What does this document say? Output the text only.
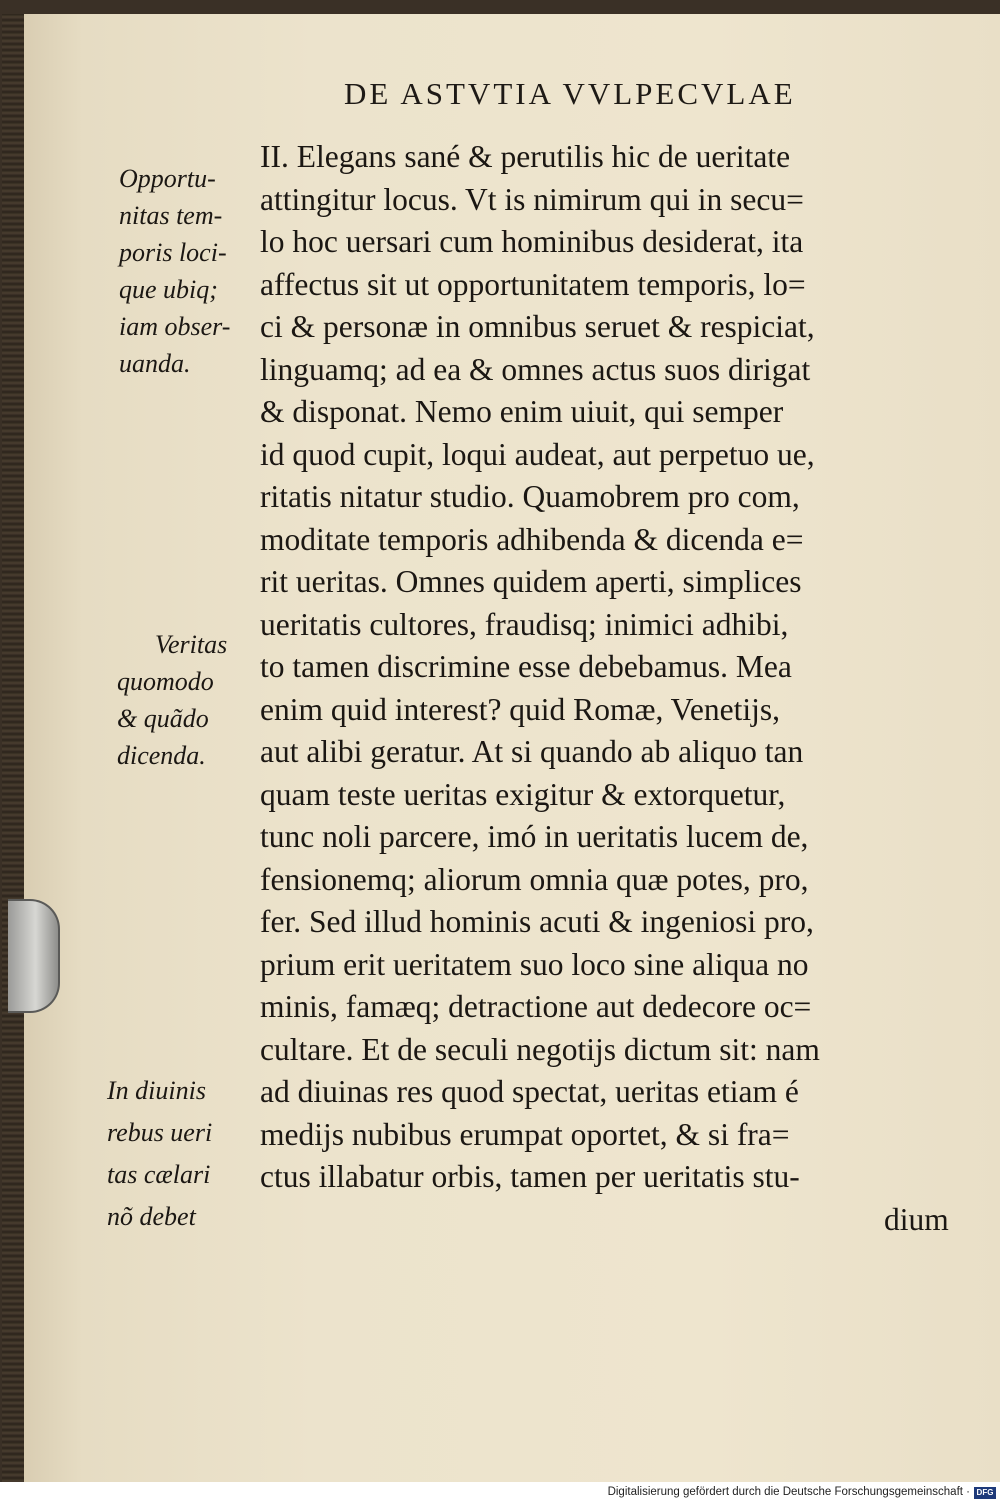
DE ASTVTIA VVLPECVLAE
Opportu-
nitas tem-
poris loci-
que ubiq;
iam obser-
uanda.
Veritas
quomodo
& quãdo
dicenda.
In diuinis
rebus ueri
tas cælari
nõ debet
II. Elegans sané & perutilis hic de ueritate
attingitur locus. Vt is nimirum qui in secu=
lo hoc uersari cum hominibus desiderat, ita
affectus sit ut opportunitatem temporis, lo=
ci & personæ in omnibus seruet & respiciat,
linguamq; ad ea & omnes actus suos dirigat
& disponat. Nemo enim uiuit, qui semper
id quod cupit, loqui audeat, aut perpetuo ue,
ritatis nitatur studio. Quamobrem pro com,
moditate temporis adhibenda & dicenda e=
rit ueritas. Omnes quidem aperti, simplices
ueritatis cultores, fraudisq; inimici adhibi,
to tamen discrimine esse debebamus. Mea
enim quid interest? quid Romæ, Venetijs,
aut alibi geratur. At si quando ab aliquo tan
quam teste ueritas exigitur & extorquetur,
tunc noli parcere, imó in ueritatis lucem de,
fensionemq; aliorum omnia quæ potes, pro,
fer. Sed illud hominis acuti & ingeniosi pro,
prium erit ueritatem suo loco sine aliqua no
minis, famæq; detractione aut dedecore oc=
cultare. Et de seculi negotijs dictum sit: nam
ad diuinas res quod spectat, ueritas etiam é
medijs nubibus erumpat oportet, & si fra=
ctus illabatur orbis, tamen per ueritatis stu-
dium
Digitalisierung gefördert durch die Deutsche Forschungsgemeinschaft · DFG
